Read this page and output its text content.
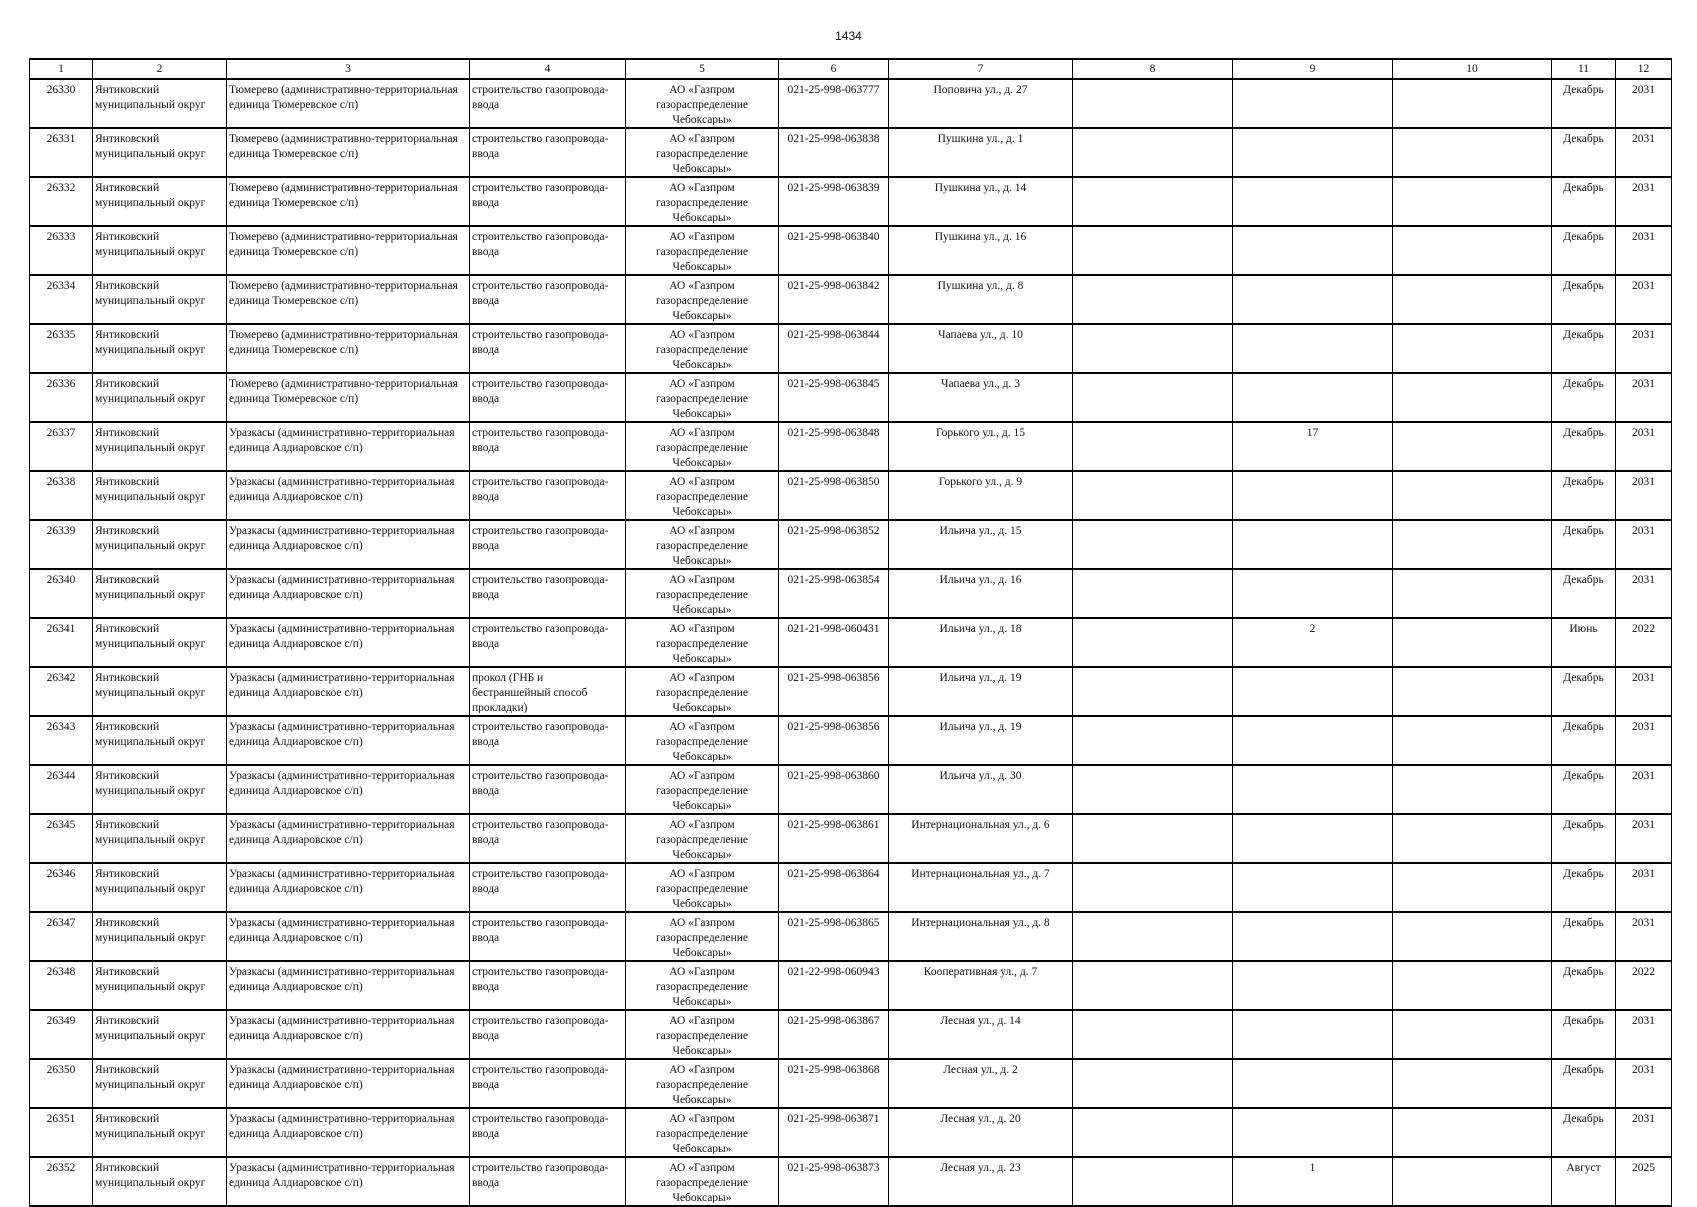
1434
1	2	3	4	5	6	7	8	9	10	11	12

26330	Янтиковский муниципальный округ	Тюмерево (административно-территориальная единица Тюмеревское с/п)	строительство газопровода-ввода	АО «Газпром газораспределение Чебоксары»	021-25-998-063777	Поповича ул., д. 27				Декабрь	2031

26331	Янтиковский муниципальный округ	Тюмерево (административно-территориальная единица Тюмеревское с/п)	строительство газопровода-ввода	АО «Газпром газораспределение Чебоксары»	021-25-998-063838	Пушкина ул., д. 1				Декабрь	2031

26332	Янтиковский муниципальный округ	Тюмерево (административно-территориальная единица Тюмеревское с/п)	строительство газопровода-ввода	АО «Газпром газораспределение Чебоксары»	021-25-998-063839	Пушкина ул., д. 14				Декабрь	2031

26333	Янтиковский муниципальный округ	Тюмерево (административно-территориальная единица Тюмеревское с/п)	строительство газопровода-ввода	АО «Газпром газораспределение Чебоксары»	021-25-998-063840	Пушкина ул., д. 16				Декабрь	2031

26334	Янтиковский муниципальный округ	Тюмерево (административно-территориальная единица Тюмеревское с/п)	строительство газопровода-ввода	АО «Газпром газораспределение Чебоксары»	021-25-998-063842	Пушкина ул., д. 8				Декабрь	2031

26335	Янтиковский муниципальный округ	Тюмерево (административно-территориальная единица Тюмеревское с/п)	строительство газопровода-ввода	АО «Газпром газораспределение Чебоксары»	021-25-998-063844	Чапаева ул., д. 10				Декабрь	2031

26336	Янтиковский муниципальный округ	Тюмерево (административно-территориальная единица Тюмеревское с/п)	строительство газопровода-ввода	АО «Газпром газораспределение Чебоксары»	021-25-998-063845	Чапаева ул., д. 3				Декабрь	2031

26337	Янтиковский муниципальный округ	Уразкасы (административно-территориальная единица Алдиаровское с/п)	строительство газопровода-ввода	АО «Газпром газораспределение Чебоксары»	021-25-998-063848	Горького ул., д. 15		17		Декабрь	2031

26338	Янтиковский муниципальный округ	Уразкасы (административно-территориальная единица Алдиаровское с/п)	строительство газопровода-ввода	АО «Газпром газораспределение Чебоксары»	021-25-998-063850	Горького ул., д. 9				Декабрь	2031

26339	Янтиковский муниципальный округ	Уразкасы (административно-территориальная единица Алдиаровское с/п)	строительство газопровода-ввода	АО «Газпром газораспределение Чебоксары»	021-25-998-063852	Ильича ул., д. 15				Декабрь	2031

26340	Янтиковский муниципальный округ	Уразкасы (административно-территориальная единица Алдиаровское с/п)	строительство газопровода-ввода	АО «Газпром газораспределение Чебоксары»	021-25-998-063854	Ильича ул., д. 16				Декабрь	2031

26341	Янтиковский муниципальный округ	Уразкасы (административно-территориальная единица Алдиаровское с/п)	строительство газопровода-ввода	АО «Газпром газораспределение Чебоксары»	021-21-998-060431	Ильича ул., д. 18		2		Июнь	2022

26342	Янтиковский муниципальный округ	Уразкасы (административно-территориальная единица Алдиаровское с/п)	прокол (ГНБ и бестраншейный способ прокладки)	АО «Газпром газораспределение Чебоксары»	021-25-998-063856	Ильича ул., д. 19				Декабрь	2031

26343	Янтиковский муниципальный округ	Уразкасы (административно-территориальная единица Алдиаровское с/п)	строительство газопровода-ввода	АО «Газпром газораспределение Чебоксары»	021-25-998-063856	Ильича ул., д. 19				Декабрь	2031

26344	Янтиковский муниципальный округ	Уразкасы (административно-территориальная единица Алдиаровское с/п)	строительство газопровода-ввода	АО «Газпром газораспределение Чебоксары»	021-25-998-063860	Ильича ул., д. 30				Декабрь	2031

26345	Янтиковский муниципальный округ	Уразкасы (административно-территориальная единица Алдиаровское с/п)	строительство газопровода-ввода	АО «Газпром газораспределение Чебоксары»	021-25-998-063861	Интернациональная ул., д. 6				Декабрь	2031

26346	Янтиковский муниципальный округ	Уразкасы (административно-территориальная единица Алдиаровское с/п)	строительство газопровода-ввода	АО «Газпром газораспределение Чебоксары»	021-25-998-063864	Интернациональная ул., д. 7				Декабрь	2031

26347	Янтиковский муниципальный округ	Уразкасы (административно-территориальная единица Алдиаровское с/п)	строительство газопровода-ввода	АО «Газпром газораспределение Чебоксары»	021-25-998-063865	Интернациональная ул., д. 8				Декабрь	2031

26348	Янтиковский муниципальный округ	Уразкасы (административно-территориальная единица Алдиаровское с/п)	строительство газопровода-ввода	АО «Газпром газораспределение Чебоксары»	021-22-998-060943	Кооперативная ул., д. 7				Декабрь	2022

26349	Янтиковский муниципальный округ	Уразкасы (административно-территориальная единица Алдиаровское с/п)	строительство газопровода-ввода	АО «Газпром газораспределение Чебоксары»	021-25-998-063867	Лесная ул., д. 14				Декабрь	2031

26350	Янтиковский муниципальный округ	Уразкасы (административно-территориальная единица Алдиаровское с/п)	строительство газопровода-ввода	АО «Газпром газораспределение Чебоксары»	021-25-998-063868	Лесная ул., д. 2				Декабрь	2031

26351	Янтиковский муниципальный округ	Уразкасы (административно-территориальная единица Алдиаровское с/п)	строительство газопровода-ввода	АО «Газпром газораспределение Чебоксары»	021-25-998-063871	Лесная ул., д. 20				Декабрь	2031

26352	Янтиковский муниципальный округ	Уразкасы (административно-территориальная единица Алдиаровское с/п)	строительство газопровода-ввода	АО «Газпром газораспределение Чебоксары»	021-25-998-063873	Лесная ул., д. 23		1		Август	2025
